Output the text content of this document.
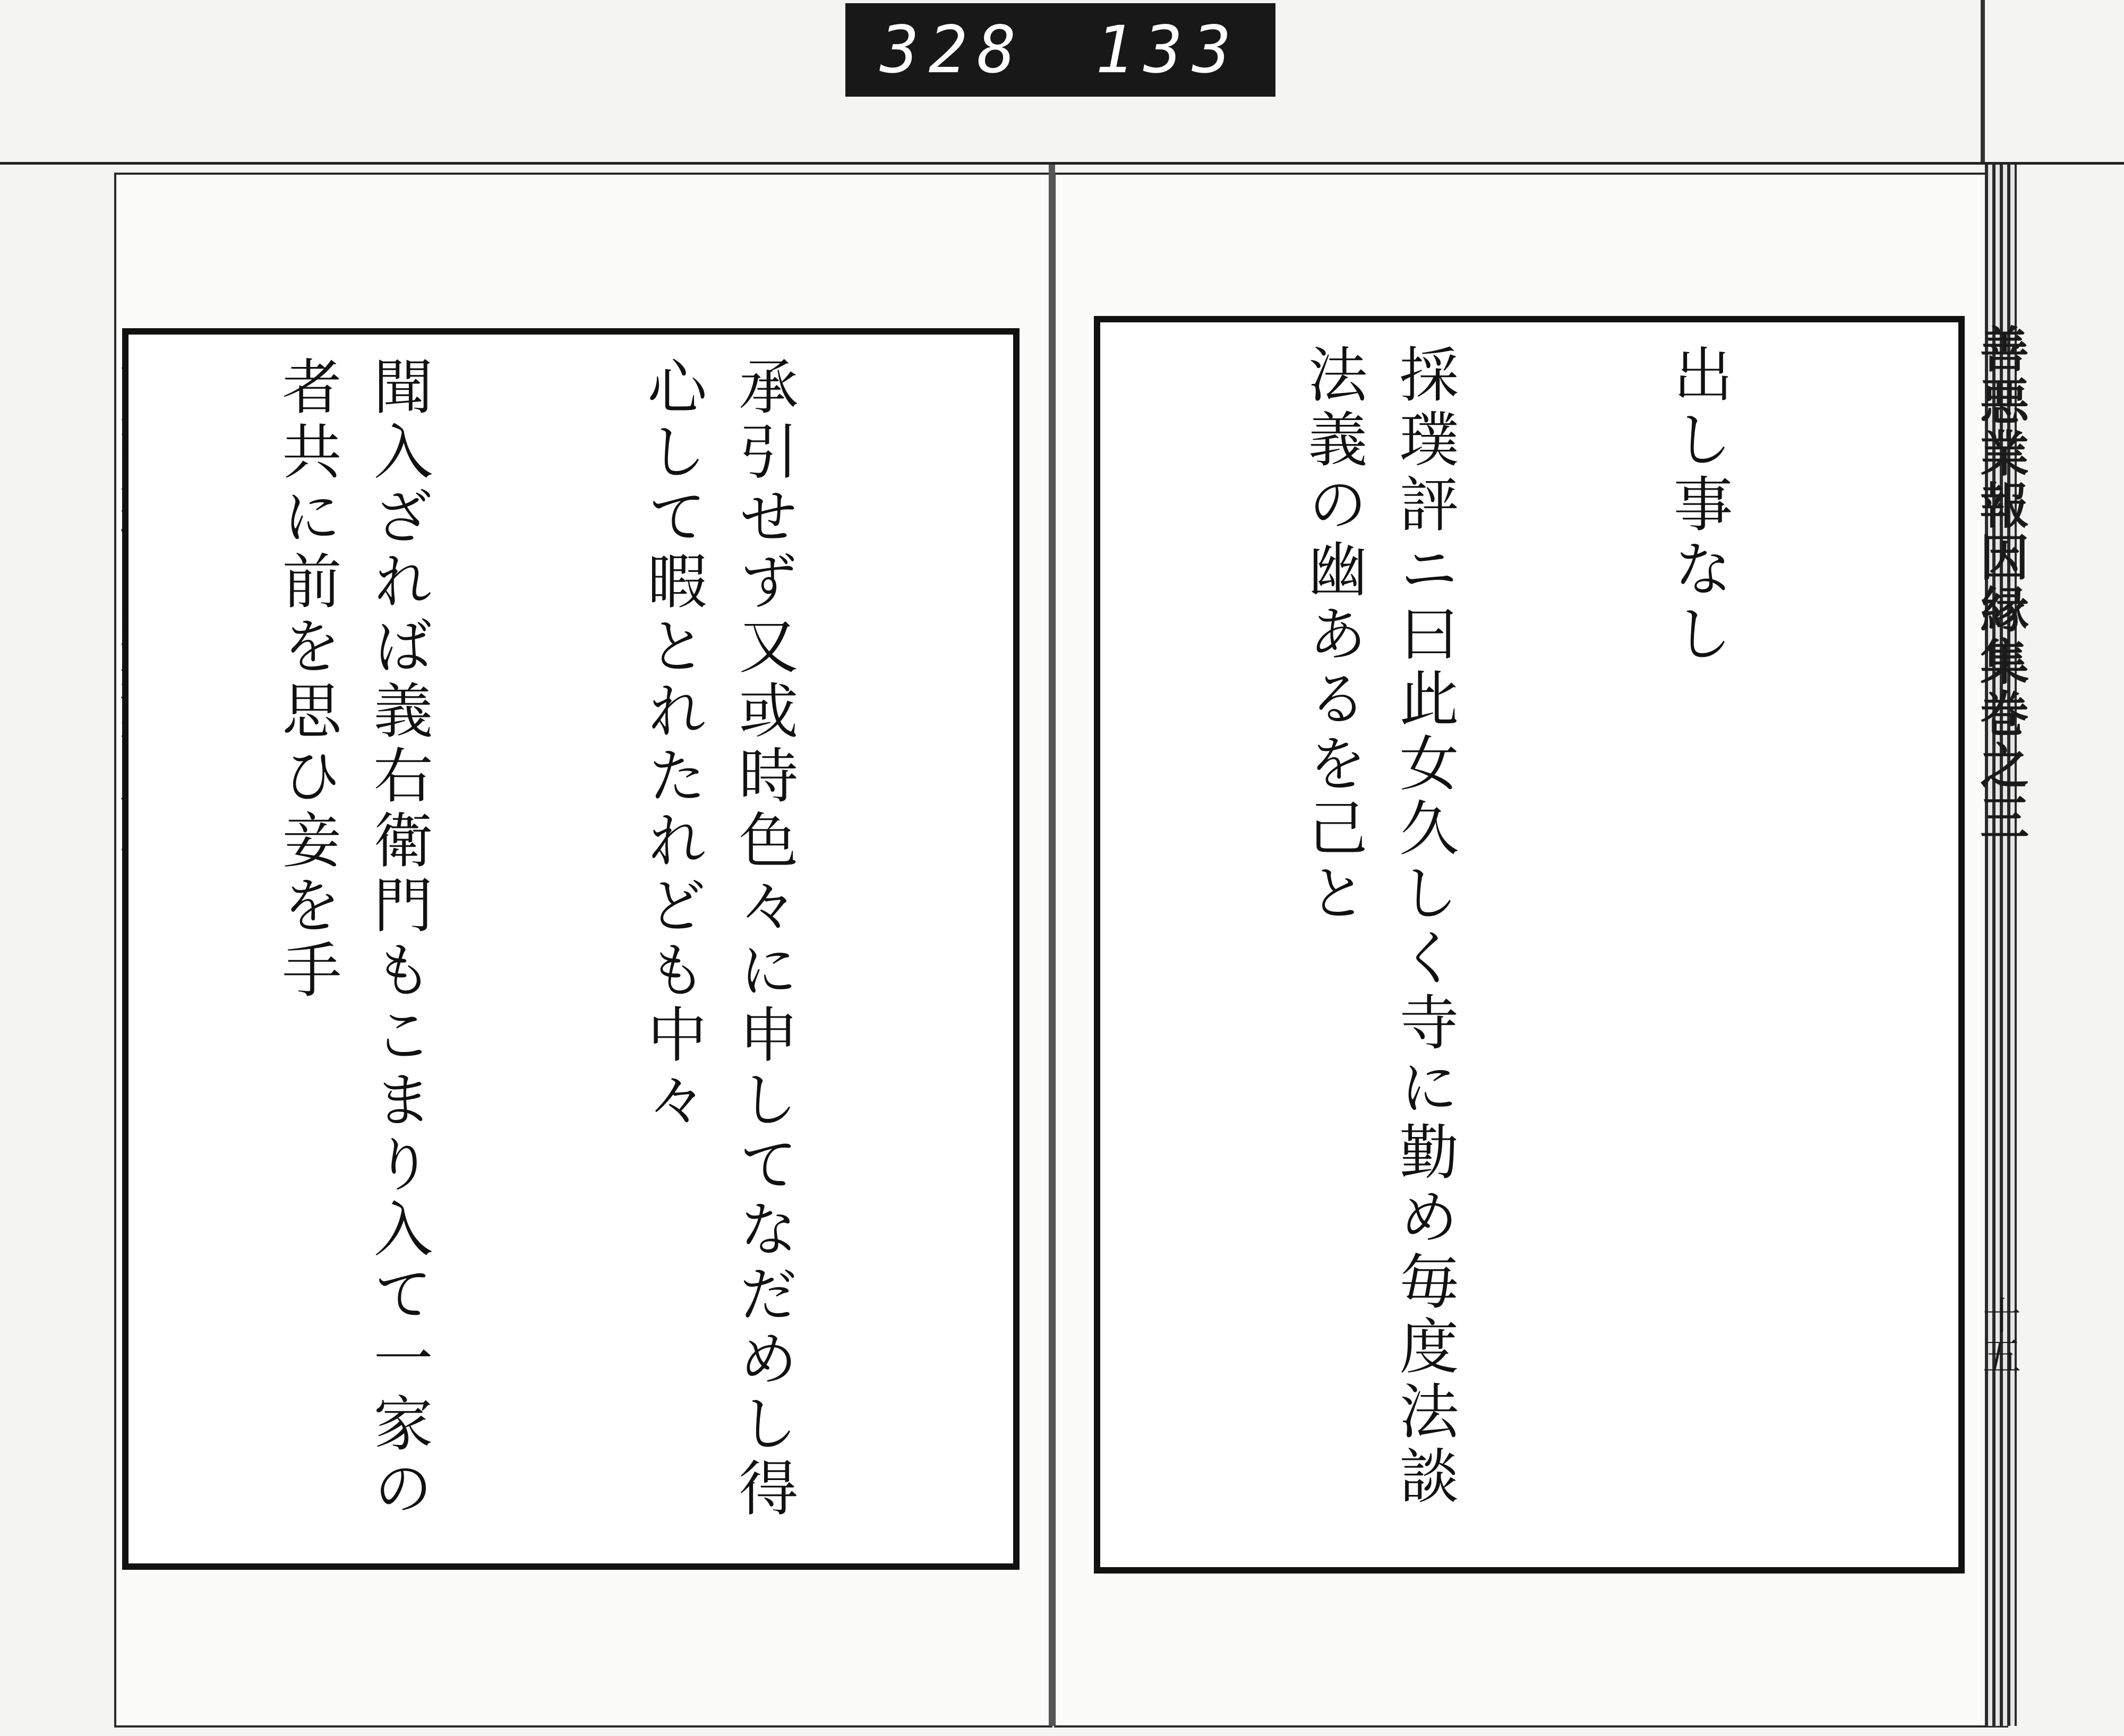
328 133

承引せず又或時色々に申してなだめし得心して暇とれたれども中々

聞入ざれば義右衛門もこまり入て一家の者共に前を思ひ妾を手

	善悪業報因縁集巻之三
十五

出し事なし

採璞評ニ曰此女久しく寺に勤め毎度法談法義の幽あるを己と
